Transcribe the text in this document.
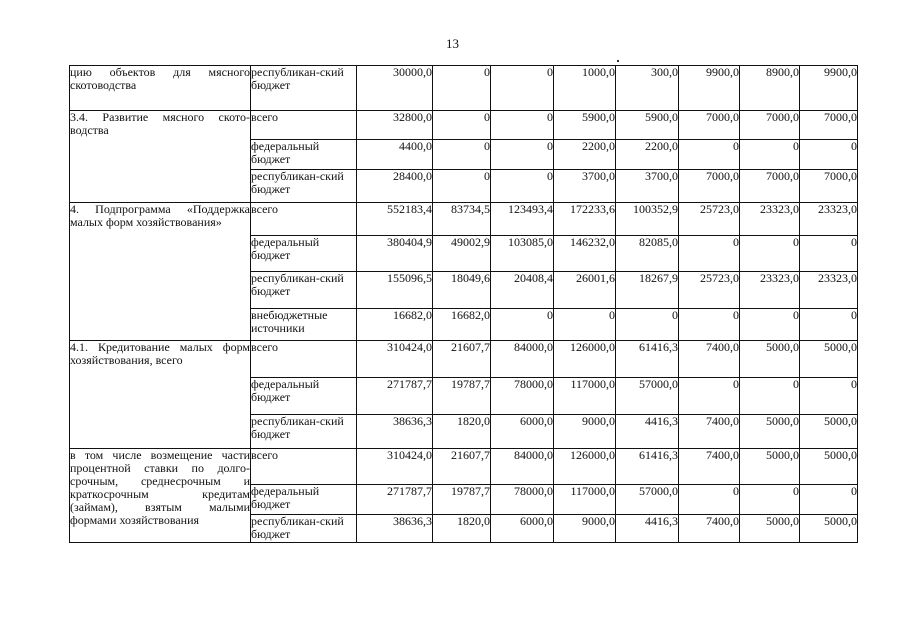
13
цию объектов для мясного скотоводства	республикан-ский бюджет	30000,0	0	0	1000,0	300,0	9900,0	8900,0	9900,0
3.4. Развитие мясного ското-водства	всего	32800,0	0	0	5900,0	5900,0	7000,0	7000,0	7000,0
	федеральный бюджет	4400,0	0	0	2200,0	2200,0	0	0	0
	республикан-ский бюджет	28400,0	0	0	3700,0	3700,0	7000,0	7000,0	7000,0
4. Подпрограмма «Поддержка малых форм хозяйствования»	всего	552183,4	83734,5	123493,4	172233,6	100352,9	25723,0	23323,0	23323,0
	федеральный бюджет	380404,9	49002,9	103085,0	146232,0	82085,0	0	0	0
	республикан-ский бюджет	155096,5	18049,6	20408,4	26001,6	18267,9	25723,0	23323,0	23323,0
	внебюджетные источники	16682,0	16682,0	0	0	0	0	0	0
4.1. Кредитование малых форм хозяйствования, всего	всего	310424,0	21607,7	84000,0	126000,0	61416,3	7400,0	5000,0	5000,0
	федеральный бюджет	271787,7	19787,7	78000,0	117000,0	57000,0	0	0	0
	республикан-ский бюджет	38636,3	1820,0	6000,0	9000,0	4416,3	7400,0	5000,0	5000,0
в том числе возмещение части процентной ставки по долго-срочным, среднесрочным и краткосрочным кредитам (займам), взятым малыми формами хозяйствования	всего	310424,0	21607,7	84000,0	126000,0	61416,3	7400,0	5000,0	5000,0
	федеральный бюджет	271787,7	19787,7	78000,0	117000,0	57000,0	0	0	0
	республикан-ский бюджет	38636,3	1820,0	6000,0	9000,0	4416,3	7400,0	5000,0	5000,0
